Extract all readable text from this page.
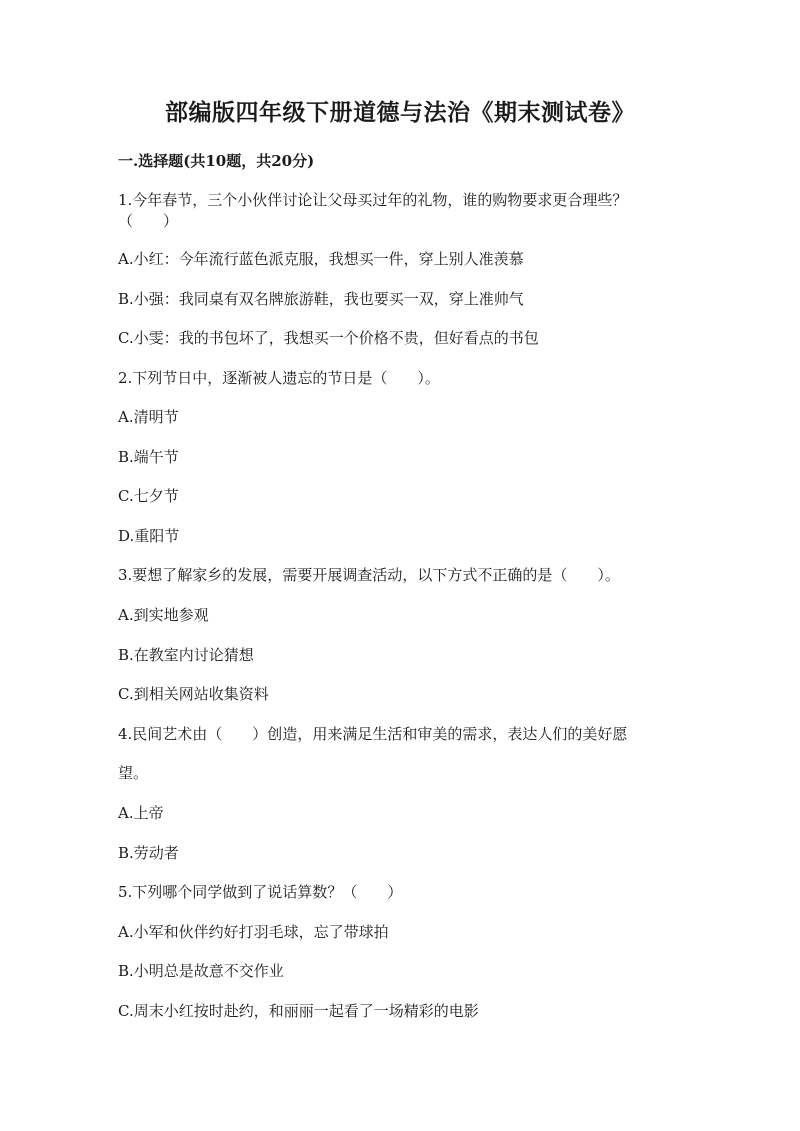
部编版四年级下册道德与法治《期末测试卷》
一.选择题(共10题，共20分)
1.今年春节，三个小伙伴讨论让父母买过年的礼物，谁的购物要求更合理些？
（　　）
A.小红：今年流行蓝色派克服，我想买一件，穿上别人准羡慕
B.小强：我同桌有双名牌旅游鞋，我也要买一双，穿上准帅气
C.小雯：我的书包坏了，我想买一个价格不贵，但好看点的书包
2.下列节日中，逐渐被人遗忘的节日是（　　）。
A.清明节
B.端午节
C.七夕节
D.重阳节
3.要想了解家乡的发展，需要开展调查活动，以下方式不正确的是（　　）。
A.到实地参观
B.在教室内讨论猜想
C.到相关网站收集资料
4.民间艺术由（　　）创造，用来满足生活和审美的需求，表达人们的美好愿
望。
A.上帝
B.劳动者
5.下列哪个同学做到了说话算数？（　　）
A.小军和伙伴约好打羽毛球，忘了带球拍
B.小明总是故意不交作业
C.周末小红按时赴约，和丽丽一起看了一场精彩的电影
